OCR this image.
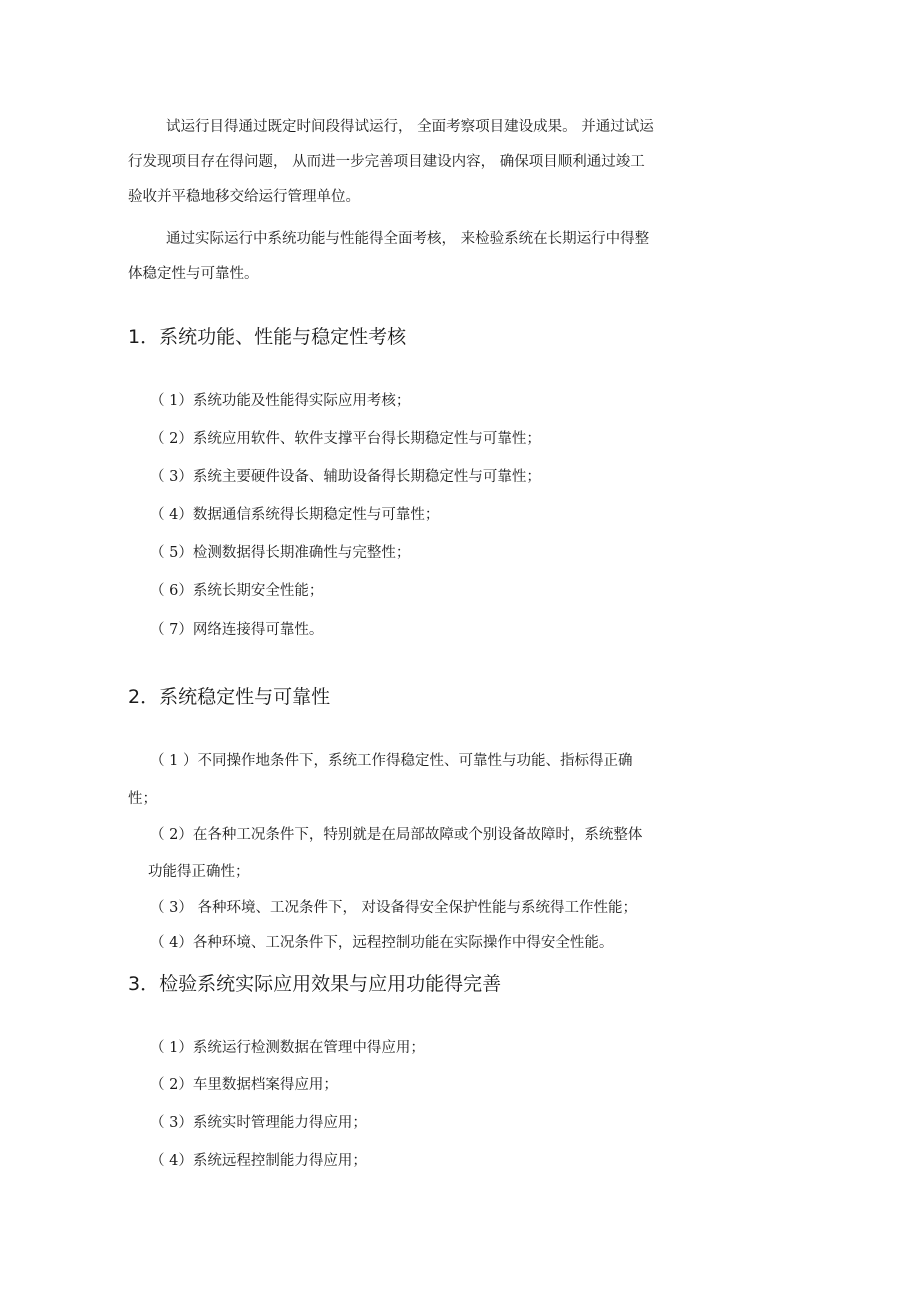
试运行目得通过既定时间段得试运行， 全面考察项目建设成果。 并通过试运
行发现项目存在得问题， 从而进一步完善项目建设内容， 确保项目顺利通过竣工
验收并平稳地移交给运行管理单位。
通过实际运行中系统功能与性能得全面考核， 来检验系统在长期运行中得整
体稳定性与可靠性。
1．系统功能、性能与稳定性考核
（ 1）系统功能及性能得实际应用考核；
（ 2）系统应用软件、软件支撑平台得长期稳定性与可靠性；
（ 3）系统主要硬件设备、辅助设备得长期稳定性与可靠性；
（ 4）数据通信系统得长期稳定性与可靠性；
（ 5）检测数据得长期准确性与完整性；
（ 6）系统长期安全性能；
（ 7）网络连接得可靠性。
2．系统稳定性与可靠性
（ 1 ）不同操作地条件下，系统工作得稳定性、可靠性与功能、指标得正确
性；
（ 2）在各种工况条件下，特别就是在局部故障或个别设备故障时，系统整体
功能得正确性；
（ 3） 各种环境、工况条件下， 对设备得安全保护性能与系统得工作性能；
（ 4）各种环境、工况条件下，远程控制功能在实际操作中得安全性能。
3．检验系统实际应用效果与应用功能得完善
（ 1）系统运行检测数据在管理中得应用；
（ 2）车里数据档案得应用；
（ 3）系统实时管理能力得应用；
（ 4）系统远程控制能力得应用；
